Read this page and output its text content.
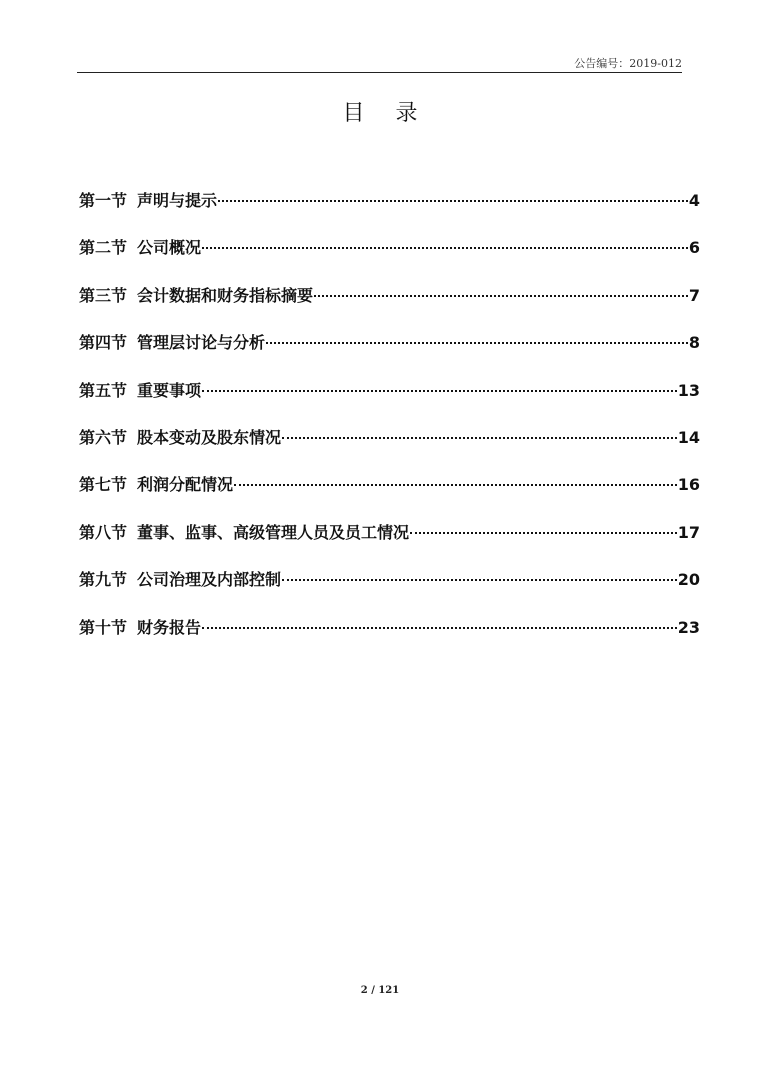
公告编号：2019-012
目 录
第一节 声明与提示	4
第二节 公司概况	6
第三节 会计数据和财务指标摘要	7
第四节 管理层讨论与分析	8
第五节 重要事项	13
第六节 股本变动及股东情况	14
第七节 利润分配情况	16
第八节 董事、监事、高级管理人员及员工情况	17
第九节 公司治理及内部控制	20
第十节 财务报告	23
2 / 121
